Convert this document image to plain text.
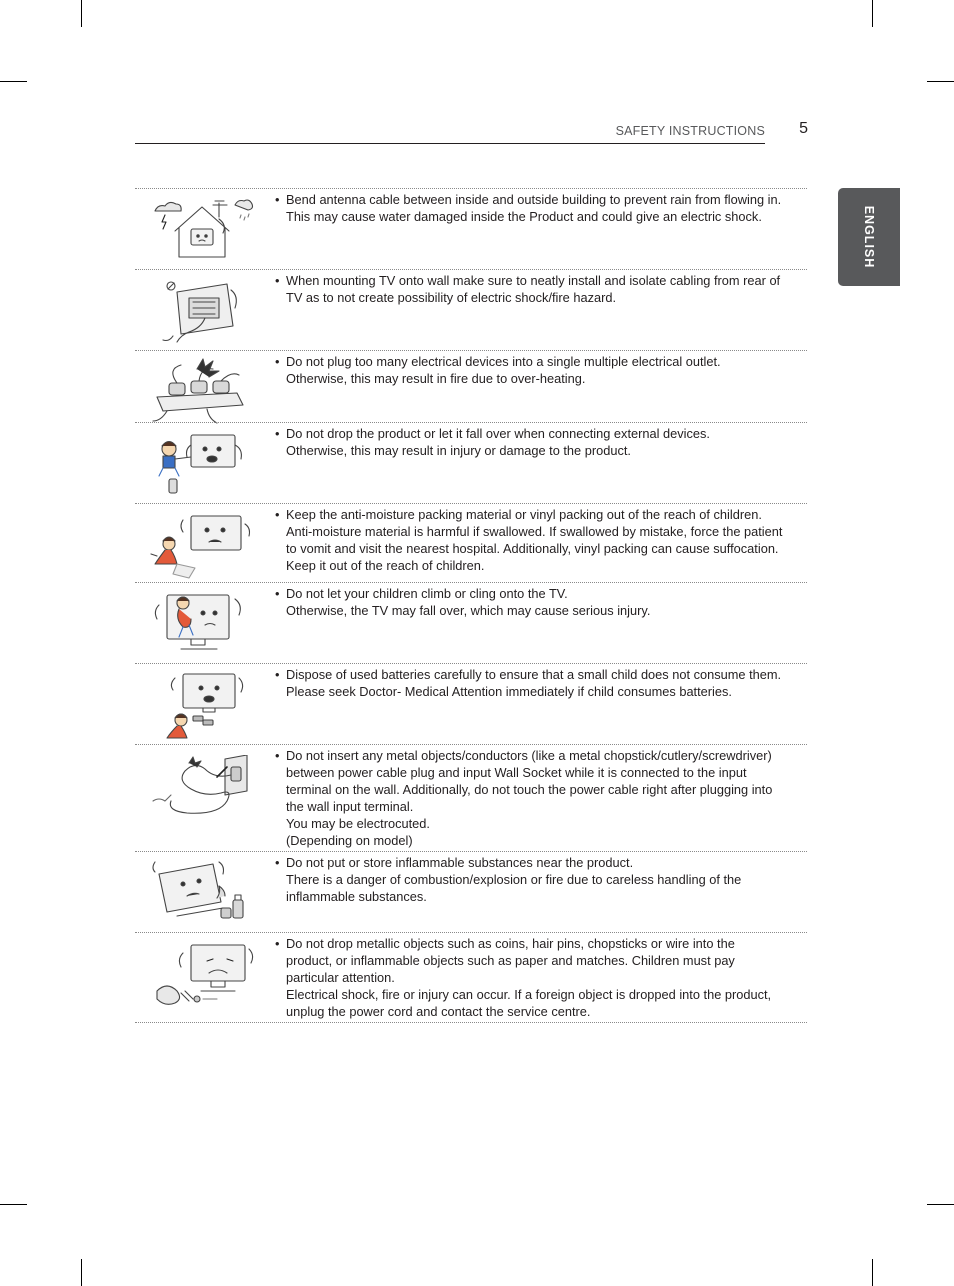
SAFETY INSTRUCTIONS 5
ENGLISH
• Bend antenna cable between inside and outside building to prevent rain from flowing in.
This may cause water damaged inside the Product and could give an electric shock.
• When mounting TV onto wall make sure to neatly install and isolate cabling from rear of
TV as to not create possibility of electric shock/fire hazard.
• Do not plug too many electrical devices into a single multiple electrical outlet.
Otherwise, this may result in fire due to over-heating.
• Do not drop the product or let it fall over when connecting external devices.
Otherwise, this may result in injury or damage to the product.
• Keep the anti-moisture packing material or vinyl packing out of the reach of children.
Anti-moisture material is harmful if swallowed. If swallowed by mistake, force the patient
to vomit and visit the nearest hospital. Additionally, vinyl packing can cause suffocation.
Keep it out of the reach of children.
• Do not let your children climb or cling onto the TV.
Otherwise, the TV may fall over, which may cause serious injury.
• Dispose of used batteries carefully to ensure that a small child does not consume them.
Please seek Doctor- Medical Attention immediately if child consumes batteries.
• Do not insert any metal objects/conductors (like a metal chopstick/cutlery/screwdriver)
between power cable plug and input Wall Socket while it is connected to the input
terminal on the wall. Additionally, do not touch the power cable right after plugging into
the wall input terminal.
You may be electrocuted.
(Depending on model)
• Do not put or store inflammable substances near the product.
There is a danger of combustion/explosion or fire due to careless handling of the
inflammable substances.
• Do not drop metallic objects such as coins, hair pins, chopsticks or wire into the
product, or inflammable objects such as paper and matches. Children must pay
particular attention.
Electrical shock, fire or injury can occur. If a foreign object is dropped into the product,
unplug the power cord and contact the service centre.
